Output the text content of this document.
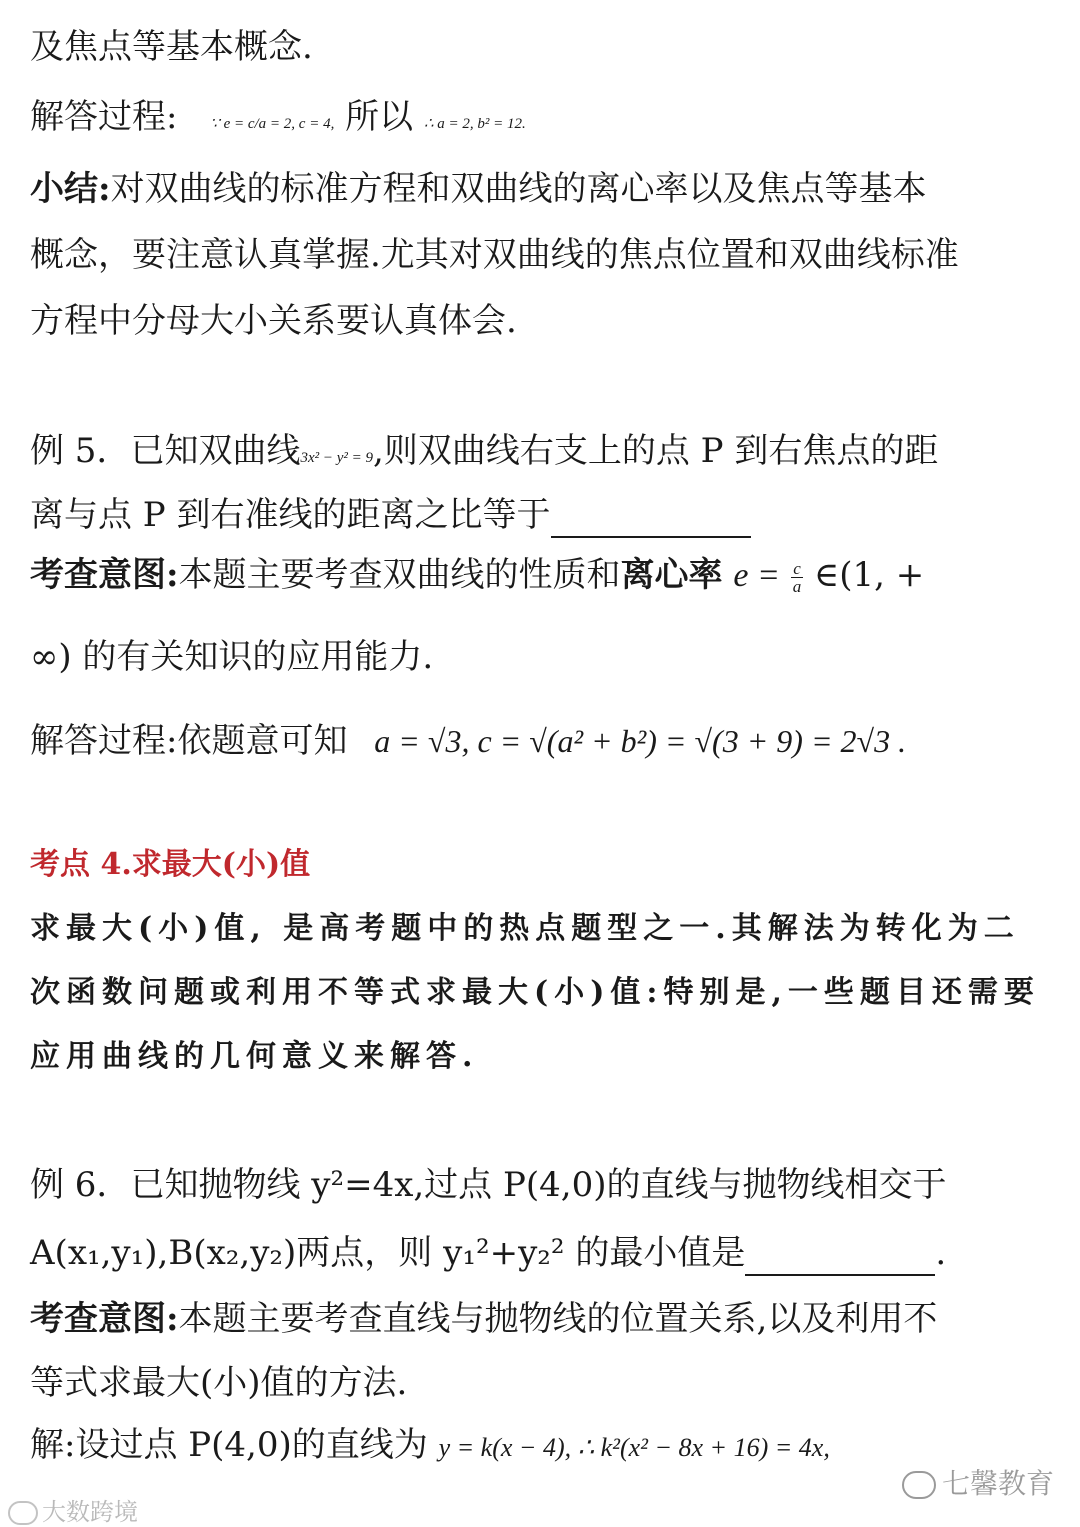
及焦点等基本概念.
解答过程: ∵ e = c/a = 2, c = 4, 所以 ∴ a = 2, b² = 12.
小结:对双曲线的标准方程和双曲线的离心率以及焦点等基本
概念，要注意认真掌握.尤其对双曲线的焦点位置和双曲线标准
方程中分母大小关系要认真体会.
例 5．已知双曲线3x² − y² = 9,则双曲线右支上的点 P 到右焦点的距
离与点 P 到右准线的距离之比等于
考查意图:本题主要考查双曲线的性质和离心率 $e = \frac{c}{a}$ ∈(1, +
∞) 的有关知识的应用能力.
解答过程:依题意可知 a = √3, c = √(a² + b²) = √(3 + 9) = 2√3 .
考点 4.求最大(小)值
求最大(小)值, 是高考题中的热点题型之一.其解法为转化为二
次函数问题或利用不等式求最大(小)值:特别是,一些题目还需要
应用曲线的几何意义来解答.
例 6．已知抛物线 y²=4x,过点 P(4,0)的直线与抛物线相交于
A(x₁,y₁),B(x₂,y₂)两点，则 y₁²+y₂² 的最小值是	.
考查意图:本题主要考查直线与抛物线的位置关系,以及利用不
等式求最大(小)值的方法.
解:设过点 P(4,0)的直线为 y = k(x − 4), ∴ k²(x² − 8x + 16) = 4x,
大数跨境
七馨教育
